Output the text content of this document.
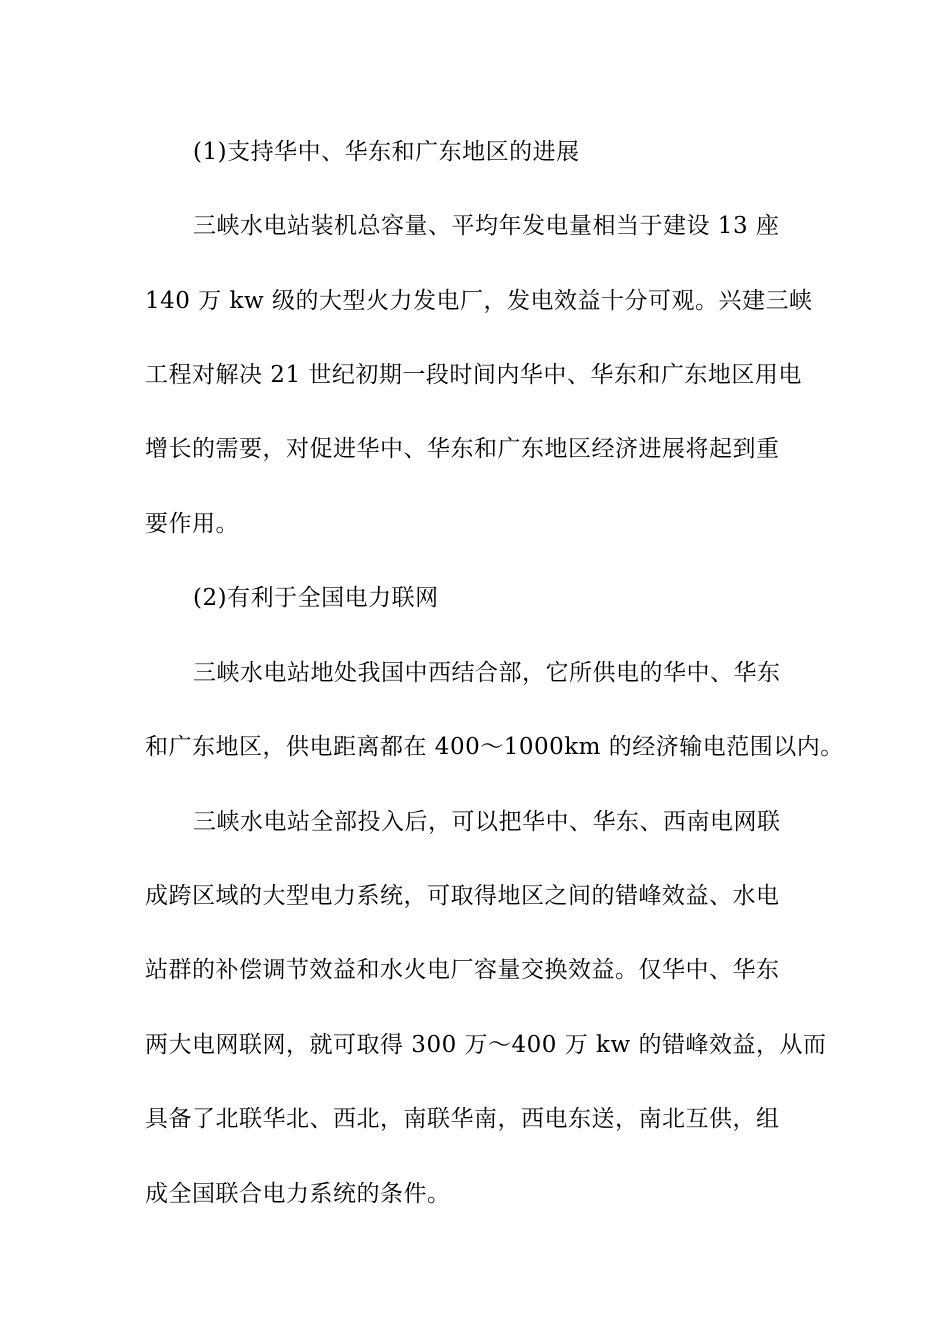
(1)支持华中、华东和广东地区的进展
三峡水电站装机总容量、平均年发电量相当于建设 13 座
140 万 kw 级的大型火力发电厂，发电效益十分可观。兴建三峡
工程对解决 21 世纪初期一段时间内华中、华东和广东地区用电
增长的需要，对促进华中、华东和广东地区经济进展将起到重
要作用。
(2)有利于全国电力联网
三峡水电站地处我国中西结合部，它所供电的华中、华东
和广东地区，供电距离都在 400～1000km 的经济输电范围以内。
三峡水电站全部投入后，可以把华中、华东、西南电网联
成跨区域的大型电力系统，可取得地区之间的错峰效益、水电
站群的补偿调节效益和水火电厂容量交换效益。仅华中、华东
两大电网联网，就可取得 300 万～400 万 kw 的错峰效益，从而
具备了北联华北、西北，南联华南，西电东送，南北互供，组
成全国联合电力系统的条件。
